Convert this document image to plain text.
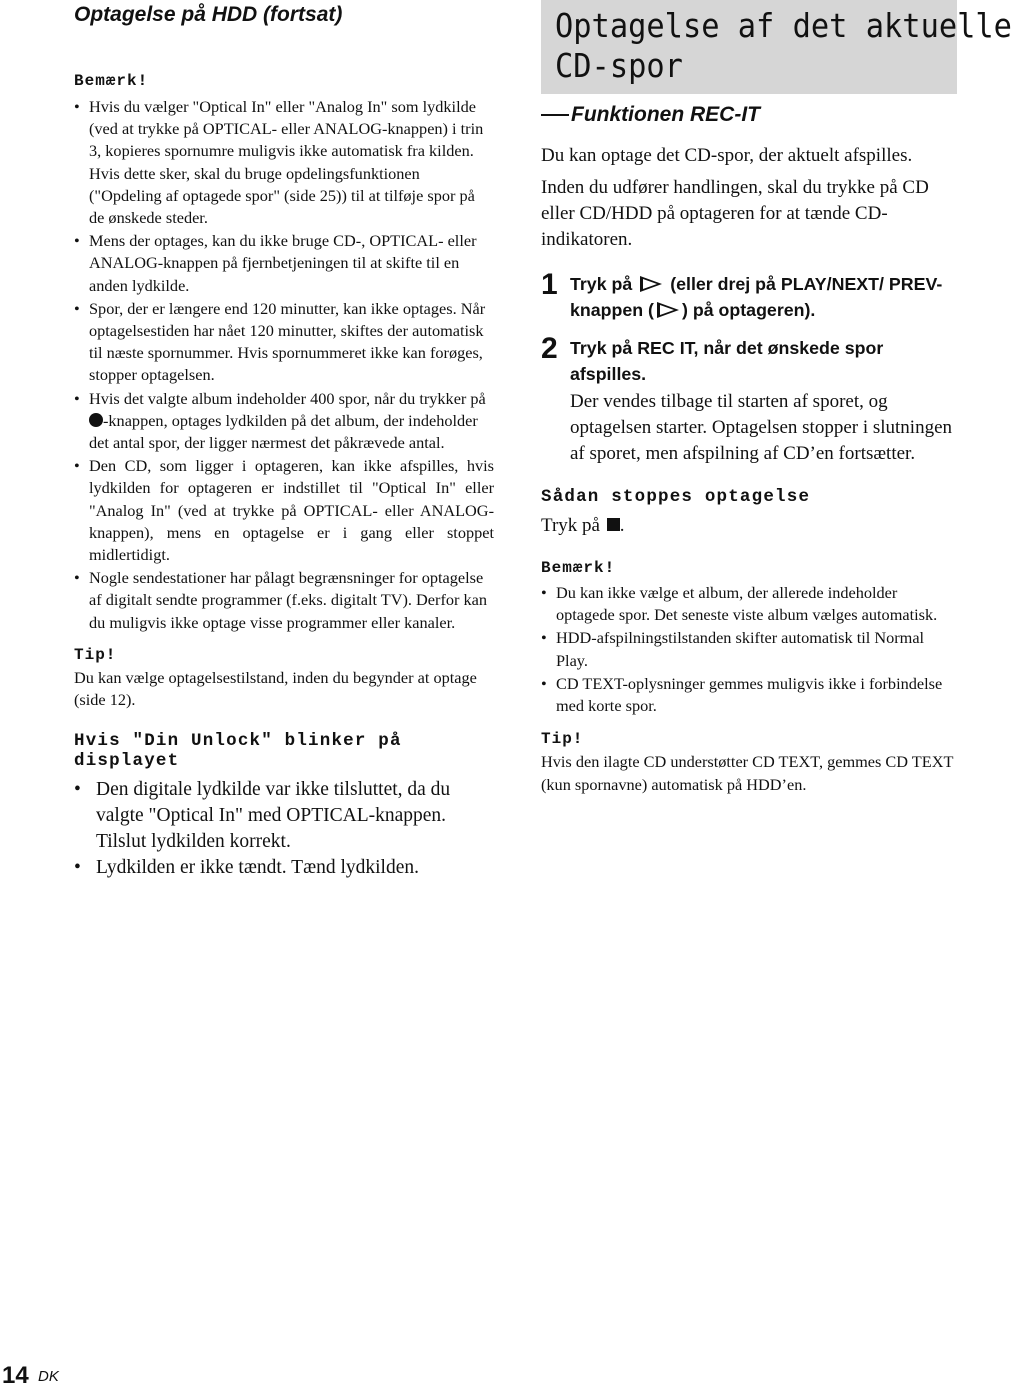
Optagelse på HDD (fortsat)
Bemærk!
• Hvis du vælger "Optical In" eller "Analog In" som lydkilde (ved at trykke på OPTICAL- eller ANALOG-knappen) i trin 3, kopieres spornumre muligvis ikke automatisk fra kilden. Hvis dette sker, skal du bruge opdelingsfunktionen ("Opdeling af optagede spor" (side 25)) til at tilføje spor på de ønskede steder.
• Mens der optages, kan du ikke bruge CD-, OPTICAL- eller ANALOG-knappen på fjernbetjeningen til at skifte til en anden lydkilde.
• Spor, der er længere end 120 minutter, kan ikke optages. Når optagelsestiden har nået 120 minutter, skiftes der automatisk til næste spornummer. Hvis spornummeret ikke kan forøges, stopper optagelsen.
• Hvis det valgte album indeholder 400 spor, når du trykker på -knappen, optages lydkilden på det album, der indeholder det antal spor, der ligger nærmest det påkrævede antal.
• Den CD, som ligger i optageren, kan ikke afspilles, hvis lydkilden for optageren er indstillet til "Optical In" eller "Analog In" (ved at trykke på OPTICAL- eller ANALOG-knappen), mens en optagelse er i gang eller stoppet midlertidigt.
• Nogle sendestationer har pålagt begrænsninger for optagelse af digitalt sendte programmer (f.eks. digitalt TV). Derfor kan du muligvis ikke optage visse programmer eller kanaler.
Tip!

Du kan vælge optagelsestilstand, inden du begynder at optage (side 12).

Hvis "Din Unlock" blinker på displayet
• Den digitale lydkilde var ikke tilsluttet, da du valgte "Optical In" med OPTICAL-knappen. Tilslut lydkilden korrekt.
• Lydkilden er ikke tændt. Tænd lydkilden.
Optagelse af det aktuelle
CD-spor
Funktionen REC-IT

Du kan optage det CD-spor, der aktuelt afspilles.

Inden du udfører handlingen, skal du trykke på CD eller CD/HDD på optageren for at tænde CD-indikatoren.

1 Tryk på (eller drej på PLAY/NEXT/ PREV-knappen ( ) på optageren).
2 Tryk på REC IT, når det ønskede spor afspilles.

Der vendes tilbage til starten af sporet, og optagelsen starter. Optagelsen stopper i slutningen af sporet, men afspilning af CD’en fortsætter.

Sådan stoppes optagelse

Tryk på .

Bemærk!
• Du kan ikke vælge et album, der allerede indeholder optagede spor. Det seneste viste album vælges automatisk.
• HDD-afspilningstilstanden skifter automatisk til Normal Play.
• CD TEXT-oplysninger gemmes muligvis ikke i forbindelse med korte spor.
Tip!

Hvis den ilagte CD understøtter CD TEXT, gemmes CD TEXT (kun spornavne) automatisk på HDD’en.

14 DK
